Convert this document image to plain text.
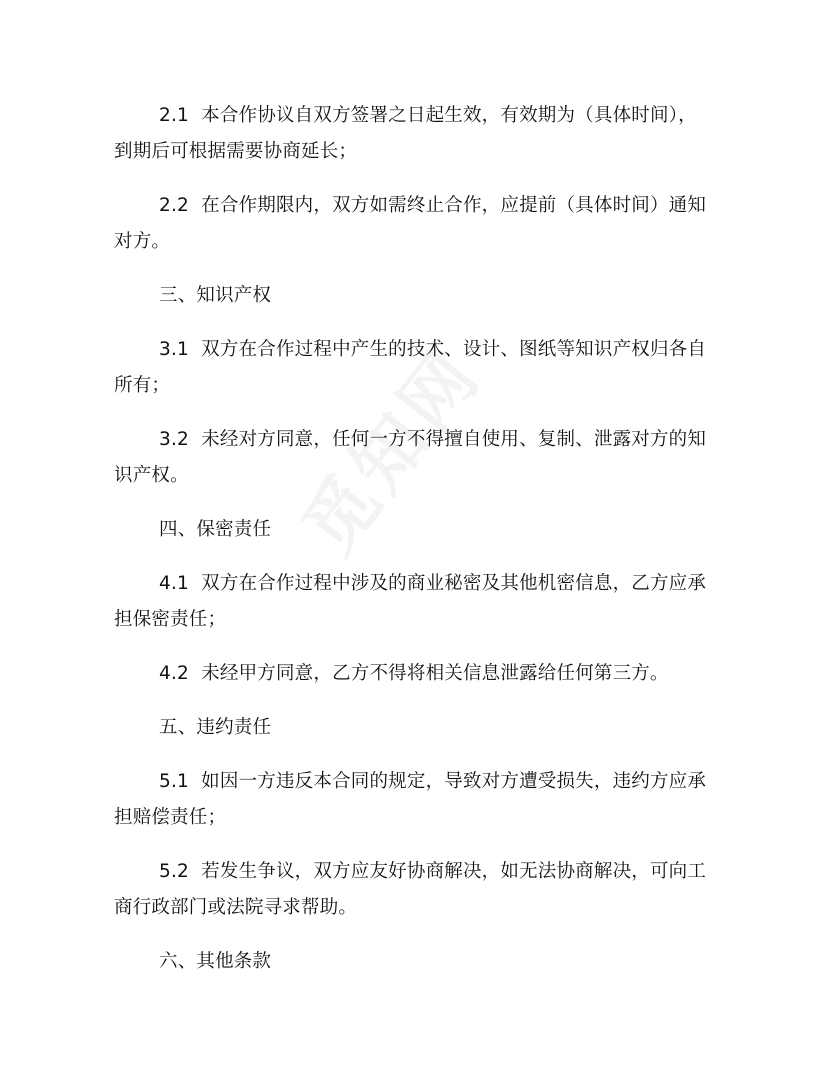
2.1  本合作协议自双方签署之日起生效，有效期为（具体时间），到期后可根据需要协商延长；

2.2  在合作期限内，双方如需终止合作，应提前（具体时间）通知对方。

三、知识产权

3.1  双方在合作过程中产生的技术、设计、图纸等知识产权归各自所有；

3.2  未经对方同意，任何一方不得擅自使用、复制、泄露对方的知识产权。

四、保密责任

4.1  双方在合作过程中涉及的商业秘密及其他机密信息，乙方应承担保密责任；

4.2  未经甲方同意，乙方不得将相关信息泄露给任何第三方。

五、违约责任

5.1  如因一方违反本合同的规定，导致对方遭受损失，违约方应承担赔偿责任；

5.2  若发生争议，双方应友好协商解决，如无法协商解决，可向工商行政部门或法院寻求帮助。

六、其他条款
